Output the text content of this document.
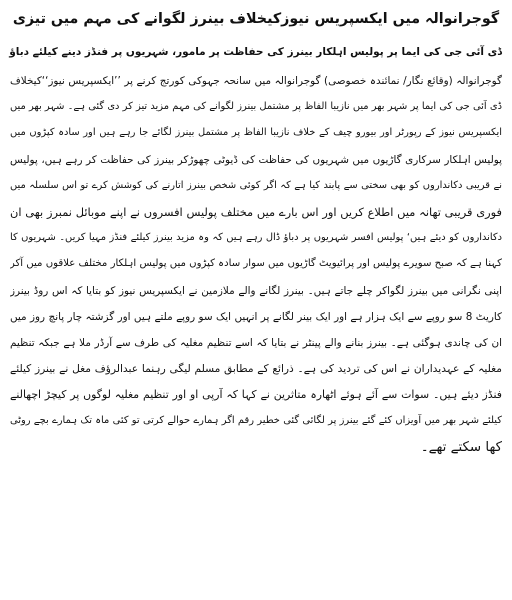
گوجرانوالہ میں ایکسپریس نیوزکیخلاف بینرز لگوانے کی مہم میں تیزی
ڈی آئی جی کی ایما پر پولیس اہلکار بینرز کی حفاظت پر مامور، شہریوں پر فنڈز دینے کیلئے دباؤ
گوجرانوالہ (وقائع نگار/ نمائندہ خصوصی) گوجرانوالہ میں سانحہ جہوکی کورتج کرنے پر ’’ایکسپریس نیوز‘‘کیخلاف
ڈی آئی جی کی ایما پر شہر بھر میں نازیبا الفاظ پر مشتمل بینرز لگوانے کی مہم مزید تیز کر دی گئی ہے۔ شہر بھر میں
ایکسپریس نیوز کے رپورٹر اور بیورو چیف کے خلاف نازیبا الفاظ پر مشتمل بینرز لگائے جا رہے ہیں اور سادہ کپڑوں میں
پولیس اہلکار سرکاری گاڑیوں میں شہریوں کی حفاظت کی ڈیوٹی چھوڑکر بینرز کی حفاظت کر رہے ہیں، پولیس
نے قریبی دکانداروں کو بھی سختی سے پابند کیا ہے کہ اگر کوئی شخص بینرز اتارنے کی کوشش کرے تو اس سلسلہ میں
فوری قریبی تھانہ میں اطلاع کریں اور اس بارے میں مختلف پولیس افسروں نے اپنے موبائل نمبرز بھی ان
دکانداروں کو دیئے ہیں‘ پولیس افسر شہریوں پر دباؤ ڈال رہے ہیں کہ وہ مزید بینرز کیلئے فنڈز مہیا کریں۔ شہریوں کا
کہنا ہے کہ صبح سویرے پولیس اور پرائیویٹ گاڑیوں میں سوار سادہ کپڑوں میں پولیس اہلکار مختلف علاقوں میں آکر
اپنی نگرانی میں بینرز لگواکر چلے جاتے ہیں۔ بینرز لگانے والے ملازمین نے ایکسپریس نیوز کو بتایا کہ اس روڈ بینرز
کاریٹ 8 سو روپے سے ایک ہزار ہے اور ایک بینر لگانے پر انہیں ایک سو روپے ملتے ہیں اور گزشتہ چار پانچ روز میں
ان کی چاندی ہوگئی ہے۔ بینرز بنانے والے پینٹر نے بتایا کہ اسے تنظیم مغلیہ کی طرف سے آرڈر ملا ہے جبکہ تنظیم
مغلیہ کے عہدیداران نے اس کی تردید کی ہے۔ ذرائع کے مطابق مسلم لیگی رہنما عبدالرؤف مغل نے بینرز کیلئے
فنڈز دیئے ہیں۔ سوات سے آئے ہوئے اٹھارہ متاثرین نے کہا کہ آرپی او اور تنظیم مغلیہ لوگوں پر کیچڑ اچھالنے
کیلئے شہر بھر میں آویزاں کئے گئے بینرز پر لگائی گئی خطیر رقم اگر ہمارے حوالے کرتی تو کئی ماہ تک ہمارے بچے روٹی
کھا سکتے تھے۔
